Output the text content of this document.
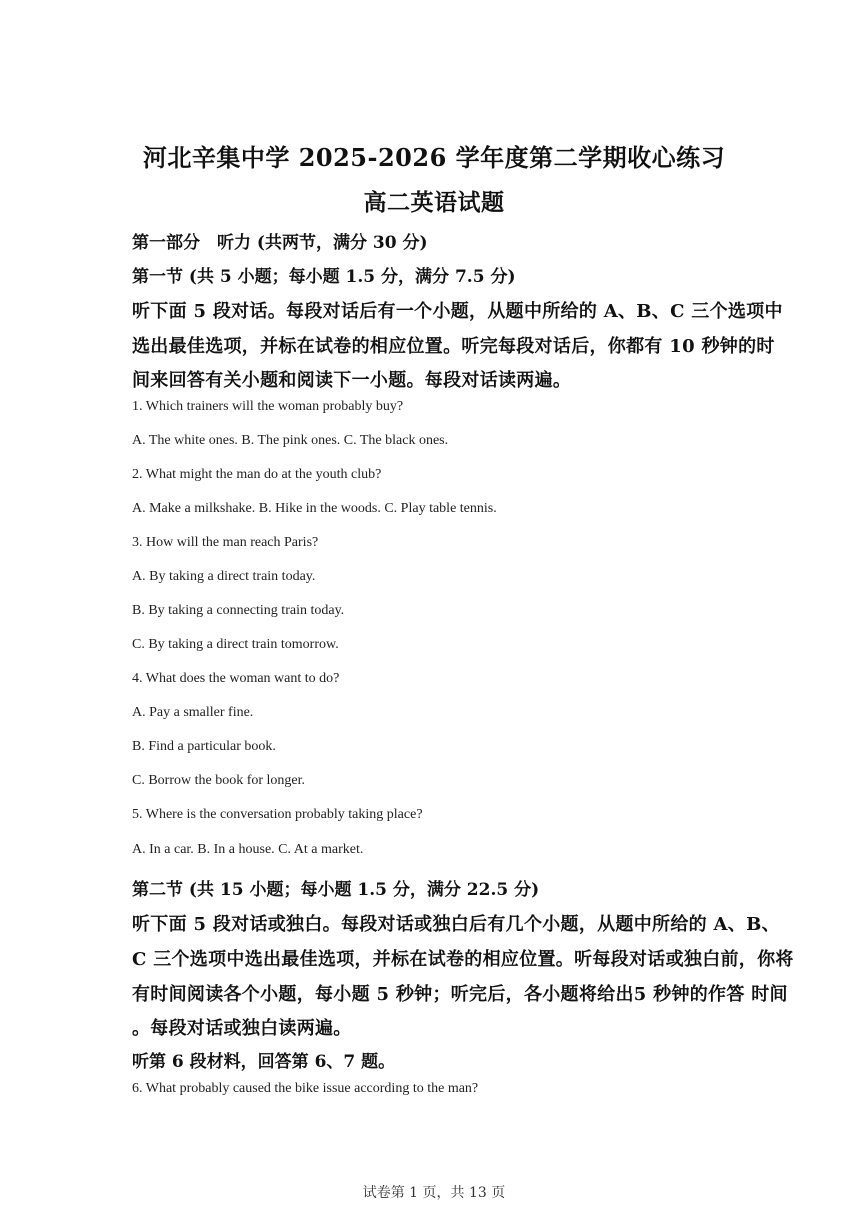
河北辛集中学 2025-2026 学年度第二学期收心练习
高二英语试题
第一部分　听力 (共两节，满分 30 分)
第一节 (共 5 小题；每小题 1.5 分，满分 7.5 分)
听下面 5 段对话。每段对话后有一个小题，从题中所给的 A、B、C 三个选项中
选出最佳选项，并标在试卷的相应位置。听完每段对话后，你都有 10 秒钟的时
间来回答有关小题和阅读下一小题。每段对话读两遍。
1. Which trainers will the woman probably buy?
A. The white ones. B. The pink ones. C. The black ones.
2. What might the man do at the youth club?
A. Make a milkshake. B. Hike in the woods. C. Play table tennis.
3. How will the man reach Paris?
A. By taking a direct train today.
B. By taking a connecting train today.
C. By taking a direct train tomorrow.
4. What does the woman want to do?
A. Pay a smaller fine.
B. Find a particular book.
C. Borrow the book for longer.
5. Where is the conversation probably taking place?
A. In a car. B. In a house. C. At a market.
第二节 (共 15 小题；每小题 1.5 分，满分 22.5 分)
听下面 5 段对话或独白。每段对话或独白后有几个小题，从题中所给的 A、B、
C 三个选项中选出最佳选项，并标在试卷的相应位置。听每段对话或独白前，你将
有时间阅读各个小题，每小题 5 秒钟；听完后，各小题将给出5 秒钟的作答 时间
。每段对话或独白读两遍。
听第 6 段材料，回答第 6、7 题。
6. What probably caused the bike issue according to the man?
试卷第 1 页，共 13 页
